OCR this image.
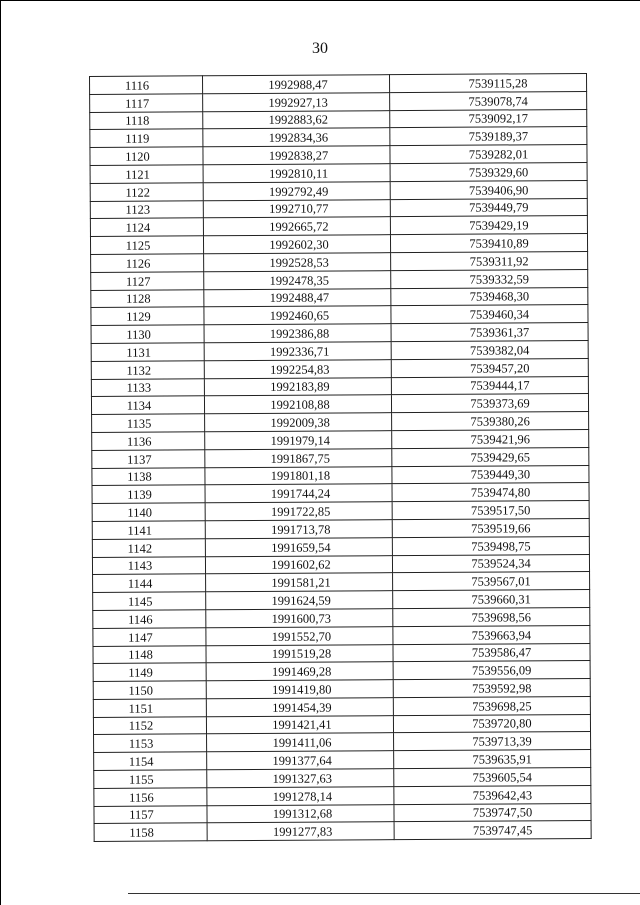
30
1116	1992988,47	7539115,28
1117	1992927,13	7539078,74
1118	1992883,62	7539092,17
1119	1992834,36	7539189,37
1120	1992838,27	7539282,01
1121	1992810,11	7539329,60
1122	1992792,49	7539406,90
1123	1992710,77	7539449,79
1124	1992665,72	7539429,19
1125	1992602,30	7539410,89
1126	1992528,53	7539311,92
1127	1992478,35	7539332,59
1128	1992488,47	7539468,30
1129	1992460,65	7539460,34
1130	1992386,88	7539361,37
1131	1992336,71	7539382,04
1132	1992254,83	7539457,20
1133	1992183,89	7539444,17
1134	1992108,88	7539373,69
1135	1992009,38	7539380,26
1136	1991979,14	7539421,96
1137	1991867,75	7539429,65
1138	1991801,18	7539449,30
1139	1991744,24	7539474,80
1140	1991722,85	7539517,50
1141	1991713,78	7539519,66
1142	1991659,54	7539498,75
1143	1991602,62	7539524,34
1144	1991581,21	7539567,01
1145	1991624,59	7539660,31
1146	1991600,73	7539698,56
1147	1991552,70	7539663,94
1148	1991519,28	7539586,47
1149	1991469,28	7539556,09
1150	1991419,80	7539592,98
1151	1991454,39	7539698,25
1152	1991421,41	7539720,80
1153	1991411,06	7539713,39
1154	1991377,64	7539635,91
1155	1991327,63	7539605,54
1156	1991278,14	7539642,43
1157	1991312,68	7539747,50
1158	1991277,83	7539747,45
